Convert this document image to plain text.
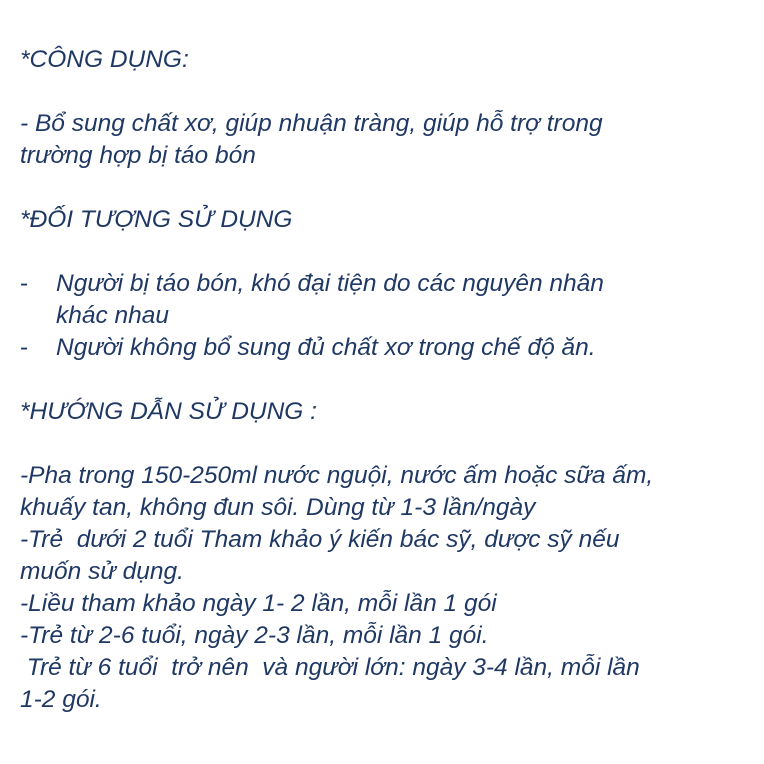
*CÔNG DỤNG:
- Bổ sung chất xơ, giúp nhuận tràng, giúp hỗ trợ trong
trường hợp bị táo bón
*ĐỐI TƯỢNG SỬ DỤNG
-	Người bị táo bón, khó đại tiện do các nguyên nhân
khác nhau
-	Người không bổ sung đủ chất xơ trong chế độ ăn.
*HƯỚNG DẪN SỬ DỤNG :
-Pha trong 150-250ml nước nguội, nước ấm hoặc sữa ấm,
khuấy tan, không đun sôi. Dùng từ 1-3 lần/ngày
-Trẻ  dưới 2 tuổi Tham khảo ý kiến bác sỹ, dược sỹ nếu
muốn sử dụng.
-Liều tham khảo ngày 1- 2 lần, mỗi lần 1 gói
-Trẻ từ 2-6 tuổi, ngày 2-3 lần, mỗi lần 1 gói.
Trẻ từ 6 tuổi  trở nên  và người lớn: ngày 3-4 lần, mỗi lần
1-2 gói.
